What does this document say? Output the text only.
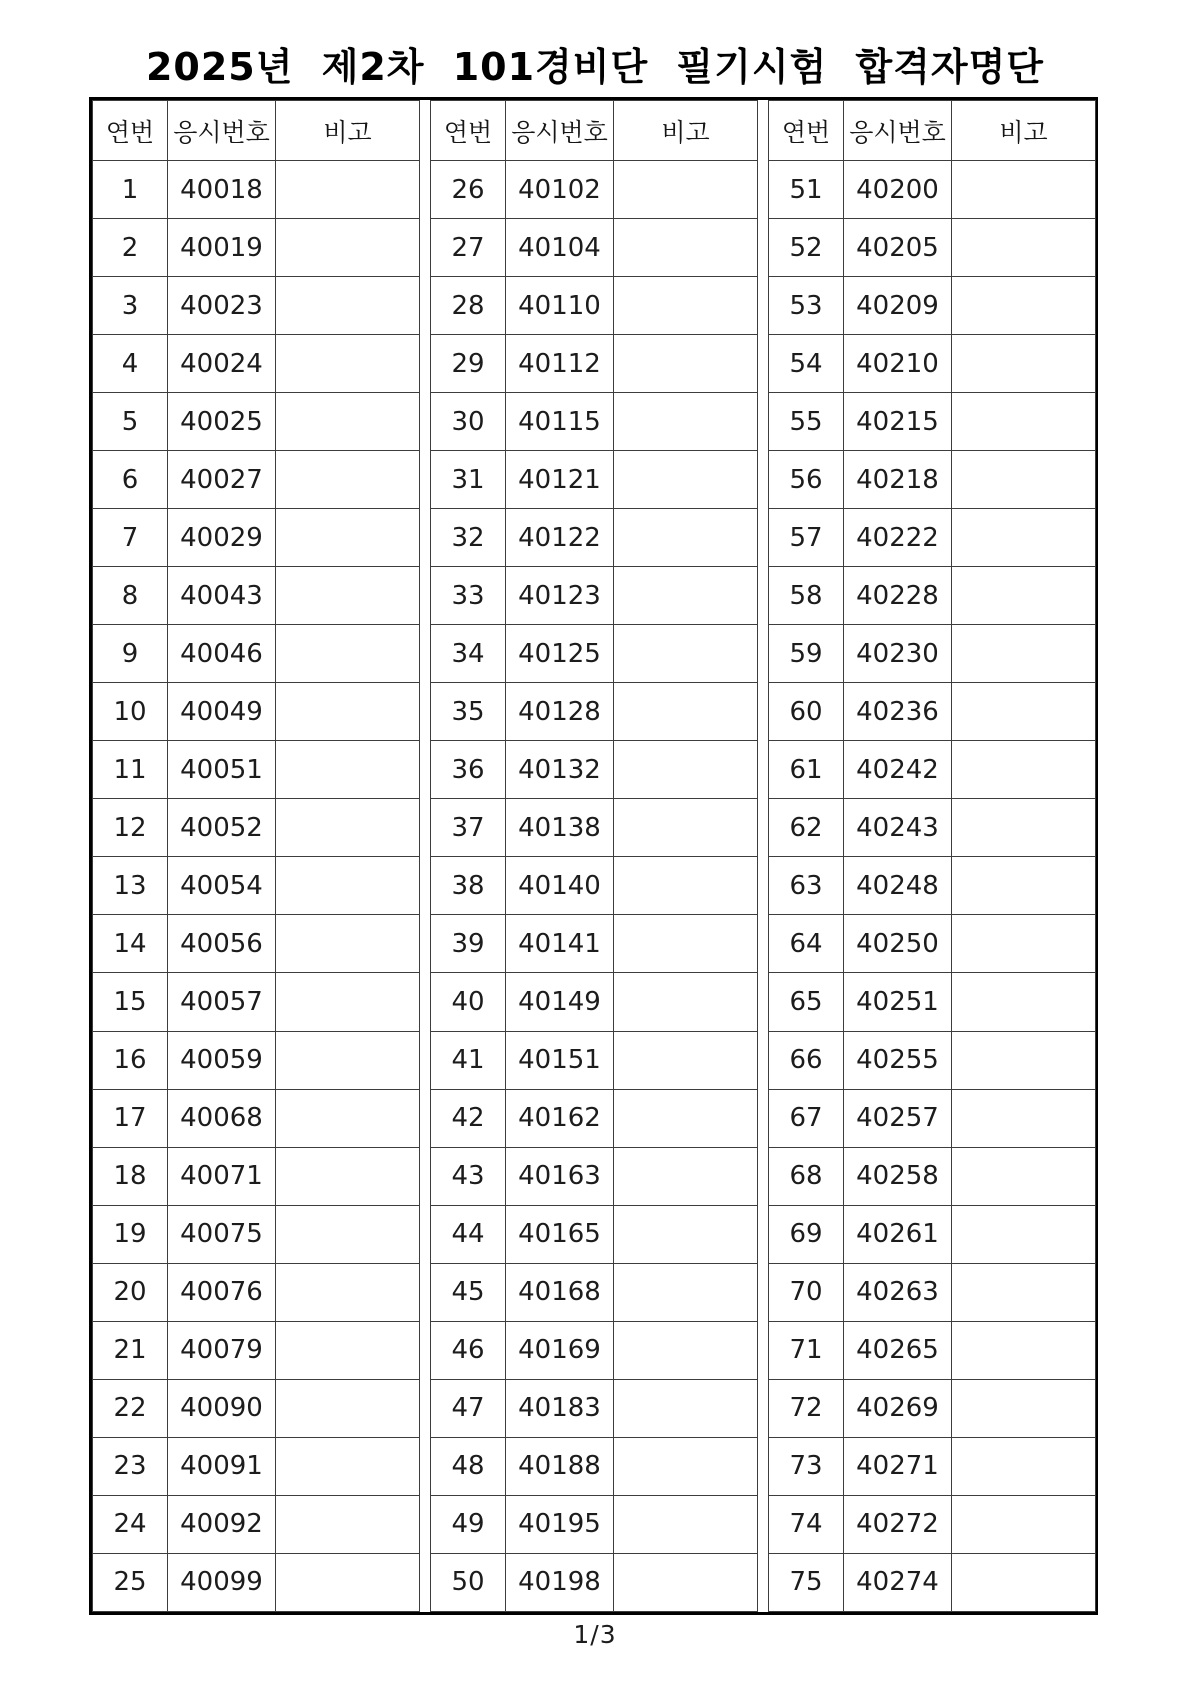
2025년 제2차 101경비단 필기시험 합격자명단
연번	응시번호	비고
1	40018	
2	40019	
3	40023	
4	40024	
5	40025	
6	40027	
7	40029	
8	40043	
9	40046	
10	40049	
11	40051	
12	40052	
13	40054	
14	40056	
15	40057	
16	40059	
17	40068	
18	40071	
19	40075	
20	40076	
21	40079	
22	40090	
23	40091	
24	40092	
25	40099	
연번	응시번호	비고
26	40102	
27	40104	
28	40110	
29	40112	
30	40115	
31	40121	
32	40122	
33	40123	
34	40125	
35	40128	
36	40132	
37	40138	
38	40140	
39	40141	
40	40149	
41	40151	
42	40162	
43	40163	
44	40165	
45	40168	
46	40169	
47	40183	
48	40188	
49	40195	
50	40198	
연번	응시번호	비고
51	40200	
52	40205	
53	40209	
54	40210	
55	40215	
56	40218	
57	40222	
58	40228	
59	40230	
60	40236	
61	40242	
62	40243	
63	40248	
64	40250	
65	40251	
66	40255	
67	40257	
68	40258	
69	40261	
70	40263	
71	40265	
72	40269	
73	40271	
74	40272	
75	40274	
1/3
